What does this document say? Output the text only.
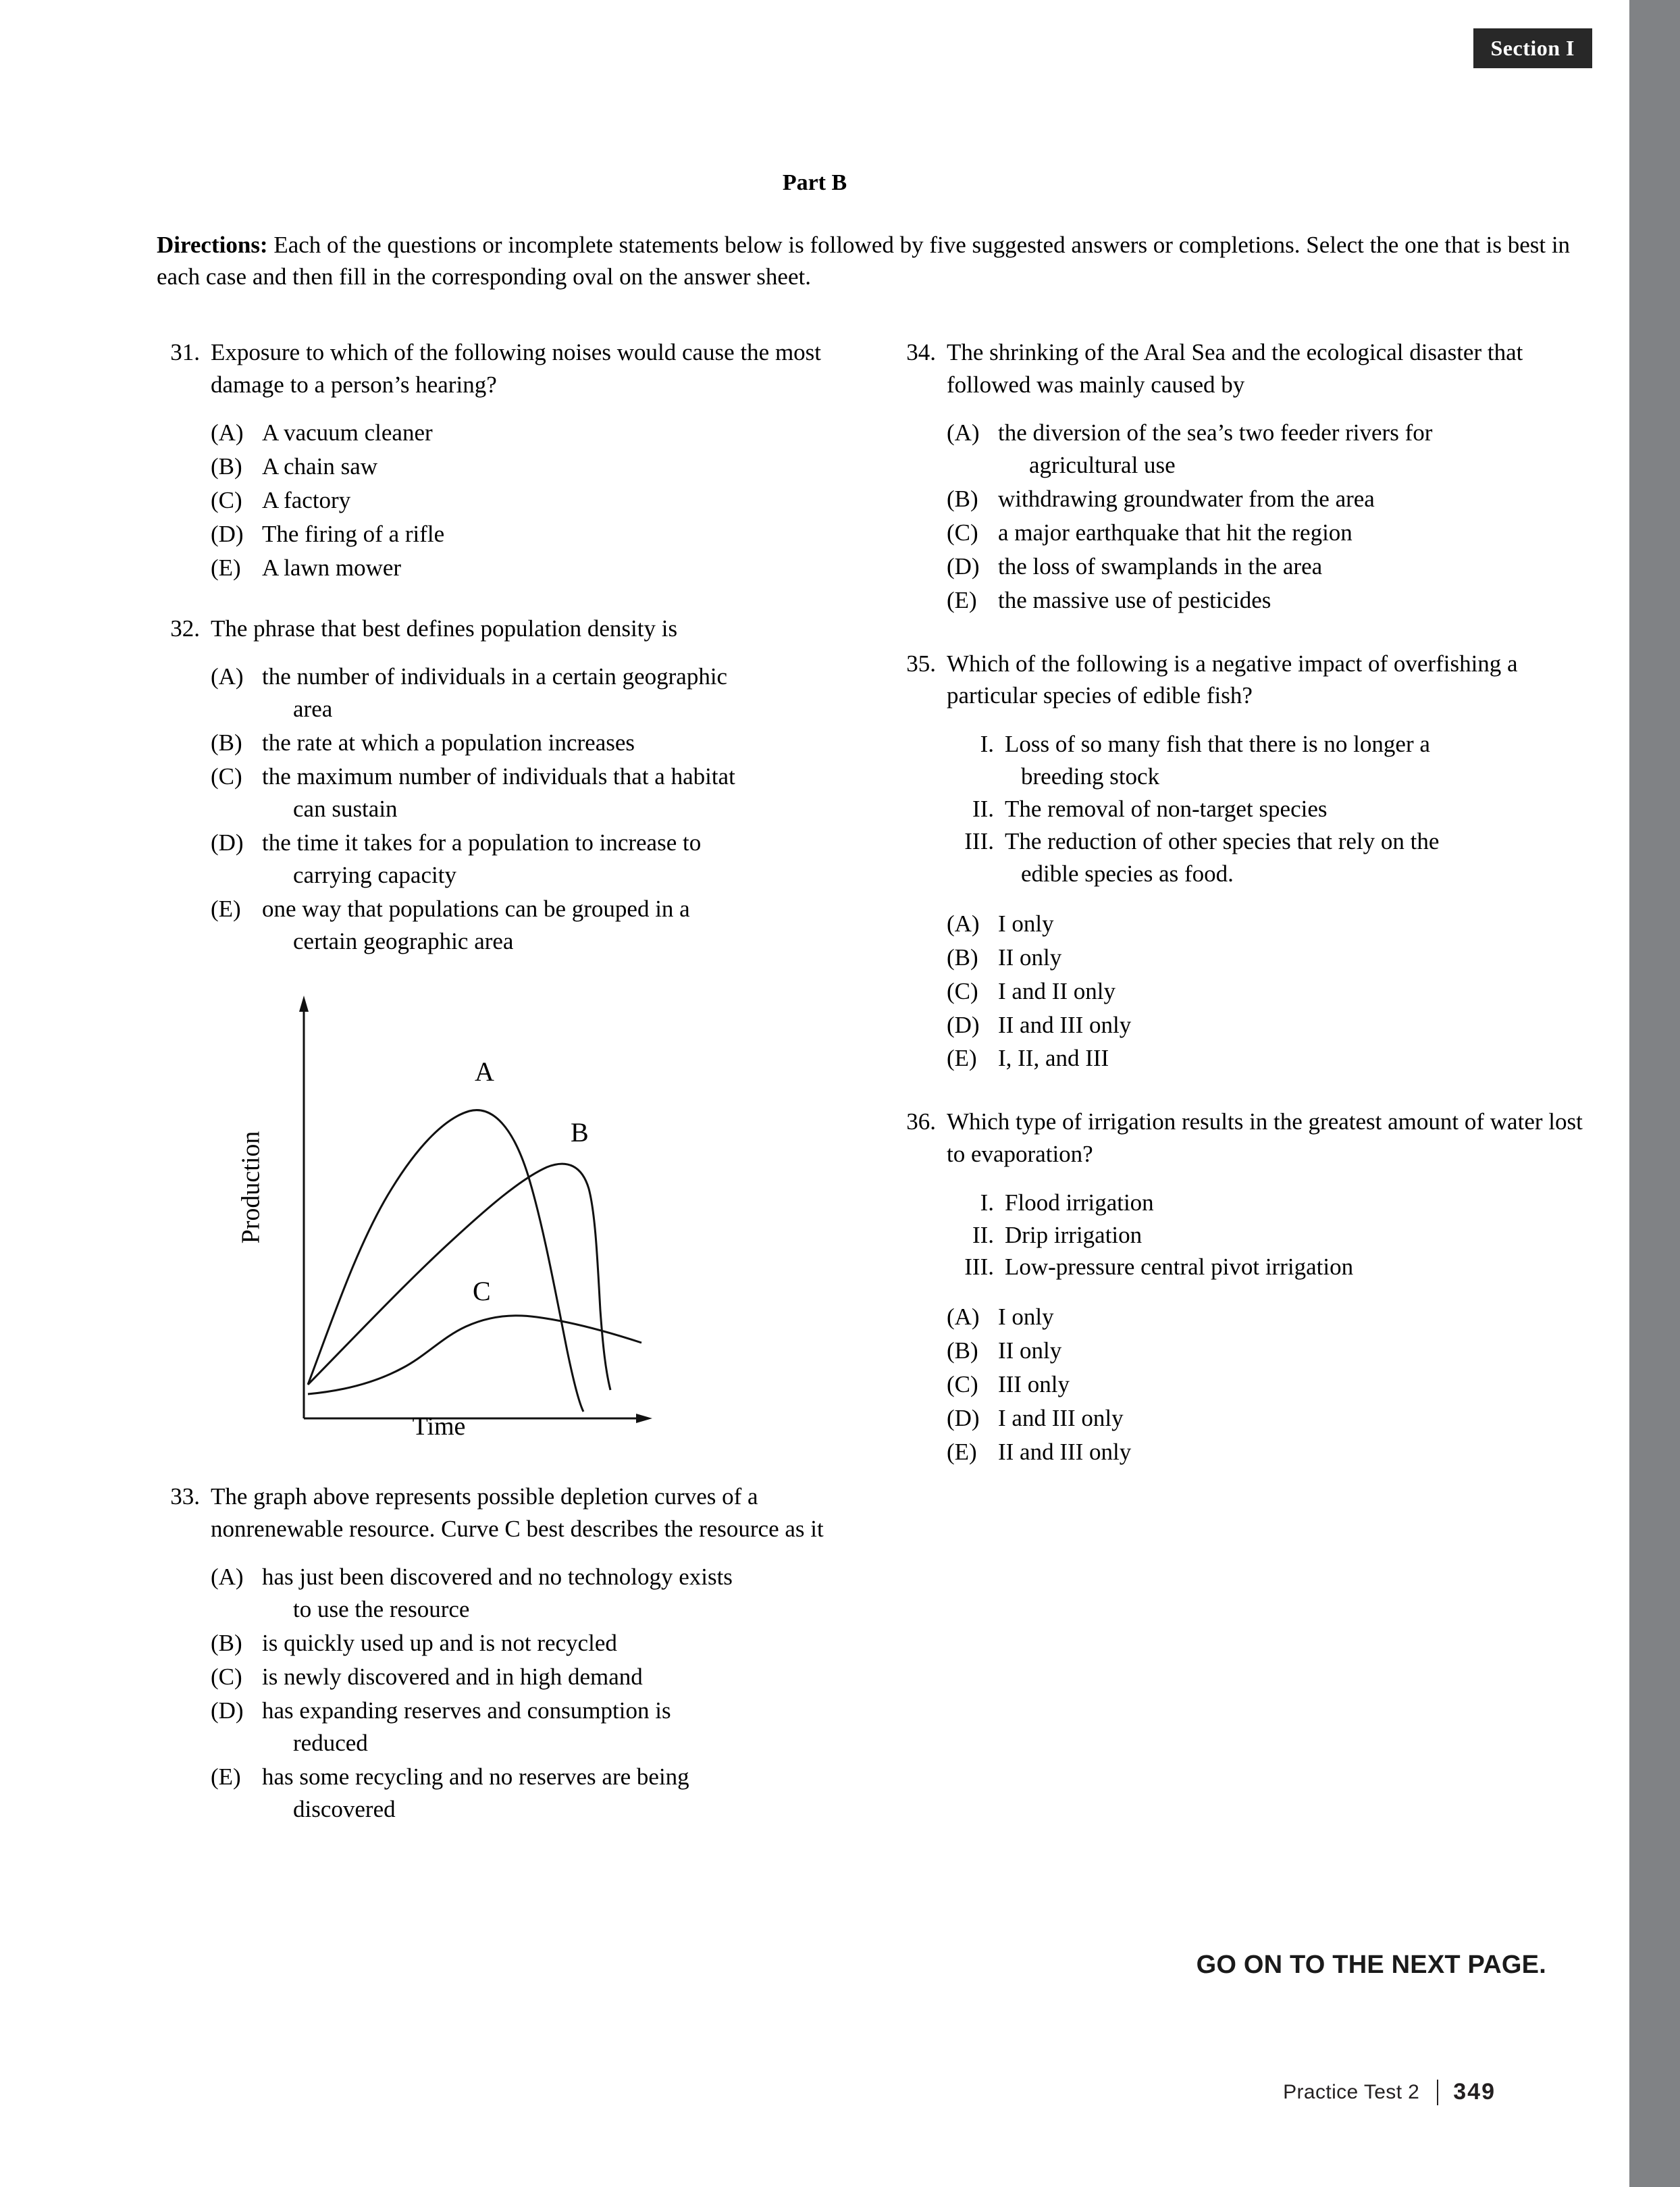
Section I
Part B
Directions: Each of the questions or incomplete statements below is followed by five suggested answers or completions. Select the one that is best in each case and then fill in the corresponding oval on the answer sheet.
31. Exposure to which of the following noises would cause the most damage to a person’s hearing?
(A) A vacuum cleaner
(B) A chain saw
(C) A factory
(D) The firing of a rifle
(E) A lawn mower
32. The phrase that best defines population density is
(A) the number of individuals in a certain geographic
area
(B) the rate at which a population increases
(C) the maximum number of individuals that a habitat
can sustain
(D) the time it takes for a population to increase to
carrying capacity
(E) one way that populations can be grouped in a
certain geographic area
33. The graph above represents possible depletion curves of a nonrenewable resource. Curve C best describes the resource as it
(A) has just been discovered and no technology exists
to use the resource
(B) is quickly used up and is not recycled
(C) is newly discovered and in high demand
(D) has expanding reserves and consumption is
reduced
(E) has some recycling and no reserves are being
discovered
34. The shrinking of the Aral Sea and the ecological disaster that followed was mainly caused by
(A) the diversion of the sea’s two feeder rivers for
agricultural use
(B) withdrawing groundwater from the area
(C) a major earthquake that hit the region
(D) the loss of swamplands in the area
(E) the massive use of pesticides
35. Which of the following is a negative impact of overfishing a particular species of edible fish?
I. Loss of so many fish that there is no longer a
breeding stock
II. The removal of non-target species
III. The reduction of other species that rely on the
edible species as food.
(A) I only
(B) II only
(C) I and II only
(D) II and III only
(E) I, II, and III
36. Which type of irrigation results in the greatest amount of water lost to evaporation?
I. Flood irrigation
II. Drip irrigation
III. Low-pressure central pivot irrigation
(A) I only
(B) II only
(C) III only
(D) I and III only
(E) II and III only
A
B
C
Production
Time
GO ON TO THE NEXT PAGE.
Practice Test 2 349
